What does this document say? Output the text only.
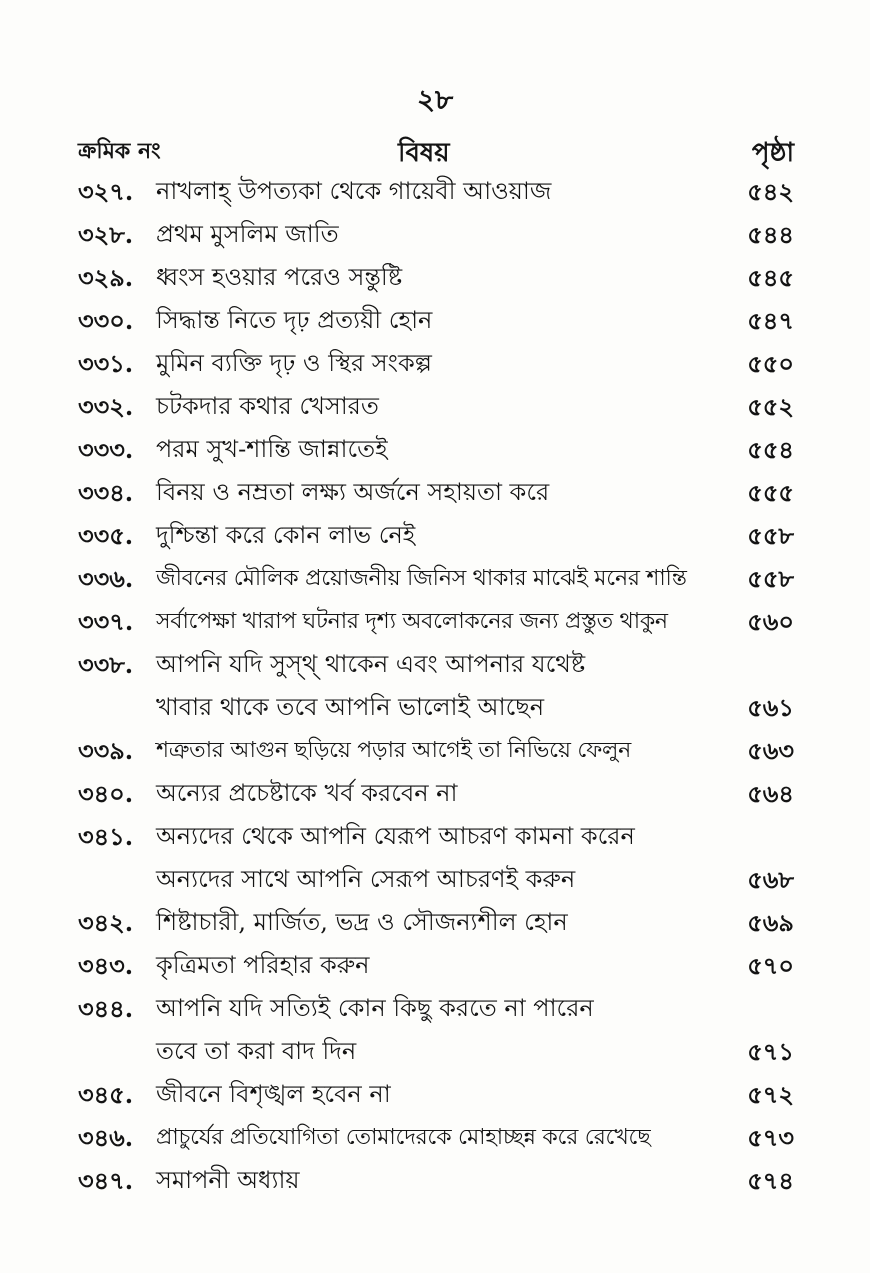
২৮
ক্রমিক নং	বিষয়	পৃষ্ঠা
৩২৭. নাখলাহ্ উপত্যকা থেকে গায়েবী আওয়াজ	৫৪২
৩২৮. প্রথম মুসলিম জাতি	৫৪৪
৩২৯. ধ্বংস হওয়ার পরেও সন্তুষ্টি	৫৪৫
৩৩০. সিদ্ধান্ত নিতে দৃঢ় প্রত্যয়ী হোন	৫৪৭
৩৩১. মুমিন ব্যক্তি দৃঢ় ও স্থির সংকল্প	৫৫০
৩৩২. চটকদার কথার খেসারত	৫৫২
৩৩৩. পরম সুখ-শান্তি জান্নাতেই	৫৫৪
৩৩৪. বিনয় ও নম্রতা লক্ষ্য অর্জনে সহায়তা করে	৫৫৫
৩৩৫. দুশ্চিন্তা করে কোন লাভ নেই	৫৫৮
৩৩৬. জীবনের মৌলিক প্রয়োজনীয় জিনিস থাকার মাঝেই মনের শান্তি	৫৫৮
৩৩৭. সর্বাপেক্ষা খারাপ ঘটনার দৃশ্য অবলোকনের জন্য প্রস্তুত থাকুন	৫৬০
৩৩৮. আপনি যদি সুস্থ্ থাকেন এবং আপনার যথেষ্ট
খাবার থাকে তবে আপনি ভালোই আছেন	৫৬১
৩৩৯. শত্রুতার আগুন ছড়িয়ে পড়ার আগেই তা নিভিয়ে ফেলুন	৫৬৩
৩৪০. অন্যের প্রচেষ্টাকে খর্ব করবেন না	৫৬৪
৩৪১. অন্যদের থেকে আপনি যেরূপ আচরণ কামনা করেন
অন্যদের সাথে আপনি সেরূপ আচরণই করুন	৫৬৮
৩৪২. শিষ্টাচারী, মার্জিত, ভদ্র ও সৌজন্যশীল হোন	৫৬৯
৩৪৩. কৃত্রিমতা পরিহার করুন	৫৭০
৩৪৪. আপনি যদি সত্যিই কোন কিছু করতে না পারেন
তবে তা করা বাদ দিন	৫৭১
৩৪৫. জীবনে বিশৃঙ্খল হবেন না	৫৭২
৩৪৬. প্রাচুর্যের প্রতিযোগিতা তোমাদেরকে মোহাচ্ছন্ন করে রেখেছে	৫৭৩
৩৪৭. সমাপনী অধ্যায়	৫৭৪
